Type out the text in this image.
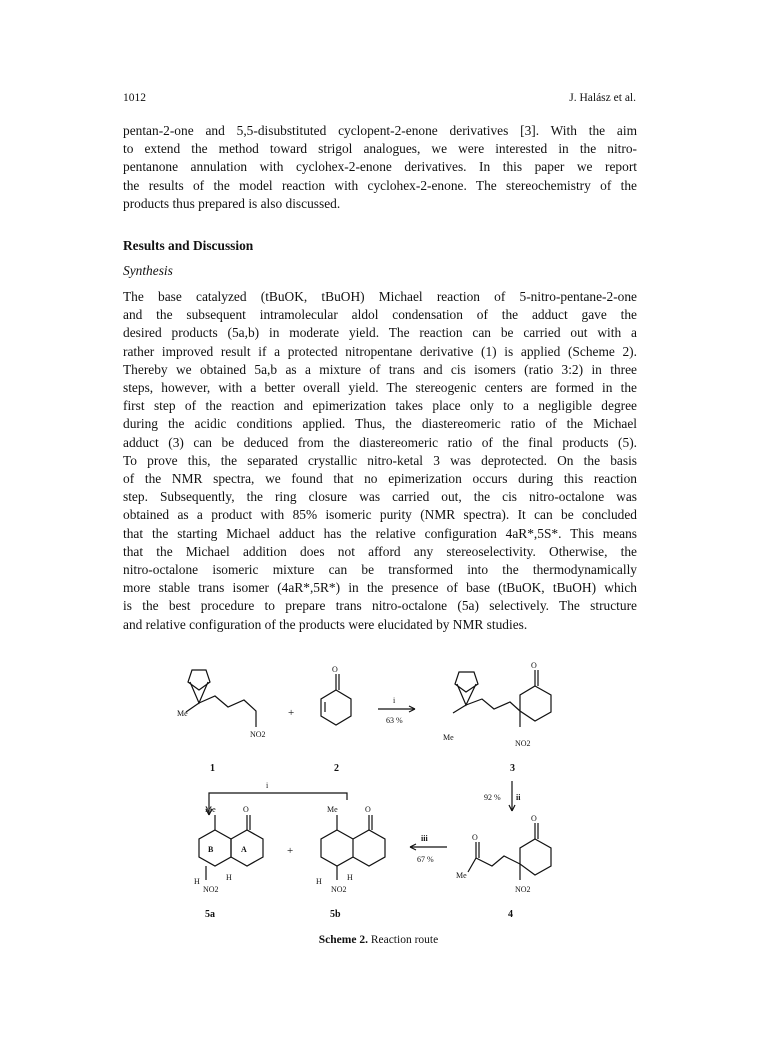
1012	J. Halász et al.
pentan-2-one and 5,5-disubstituted cyclopent-2-enone derivatives [3]. With the aim
to extend the method toward strigol analogues, we were interested in the nitro-
pentanone annulation with cyclohex-2-enone derivatives. In this paper we report
the results of the model reaction with cyclohex-2-enone. The stereochemistry of the
products thus prepared is also discussed.
Results and Discussion
Synthesis
The base catalyzed (tBuOK, tBuOH) Michael reaction of 5-nitro-pentane-2-one
and the subsequent intramolecular aldol condensation of the adduct gave the
desired products (5a,b) in moderate yield. The reaction can be carried out with a
rather improved result if a protected nitropentane derivative (1) is applied (Scheme 2).
Thereby we obtained 5a,b as a mixture of trans and cis isomers (ratio 3:2) in three
steps, however, with a better overall yield. The stereogenic centers are formed in the
first step of the reaction and epimerization takes place only to a negligible degree
during the acidic conditions applied. Thus, the diastereomeric ratio of the Michael
adduct (3) can be deduced from the diastereomeric ratio of the final products (5).
To prove this, the separated crystallic nitro-ketal 3 was deprotected. On the basis
of the NMR spectra, we found that no epimerization occurs during this reaction
step. Subsequently, the ring closure was carried out, the cis nitro-octalone was
obtained as a product with 85% isomeric purity (NMR spectra). It can be concluded
that the starting Michael adduct has the relative configuration 4aR*,5S*. This means
that the Michael addition does not afford any stereoselectivity. Otherwise, the
nitro-octalone isomeric mixture can be transformed into the thermodynamically
more stable trans isomer (4aR*,5R*) in the presence of base (tBuOK, tBuOH) which
is the best procedure to prepare trans nitro-octalone (5a) selectively. The structure
and relative configuration of the products were elucidated by NMR studies.
Me
NO2
+
O
i
63 %
O
Me
NO2
1	2	3
i
92 % ii
Me	O
B	A
H	H
NO2
+
Me	O
H	H
NO2
iii
67 %
O
O
Me
NO2
5a	5b	4
Scheme 2. Reaction route
